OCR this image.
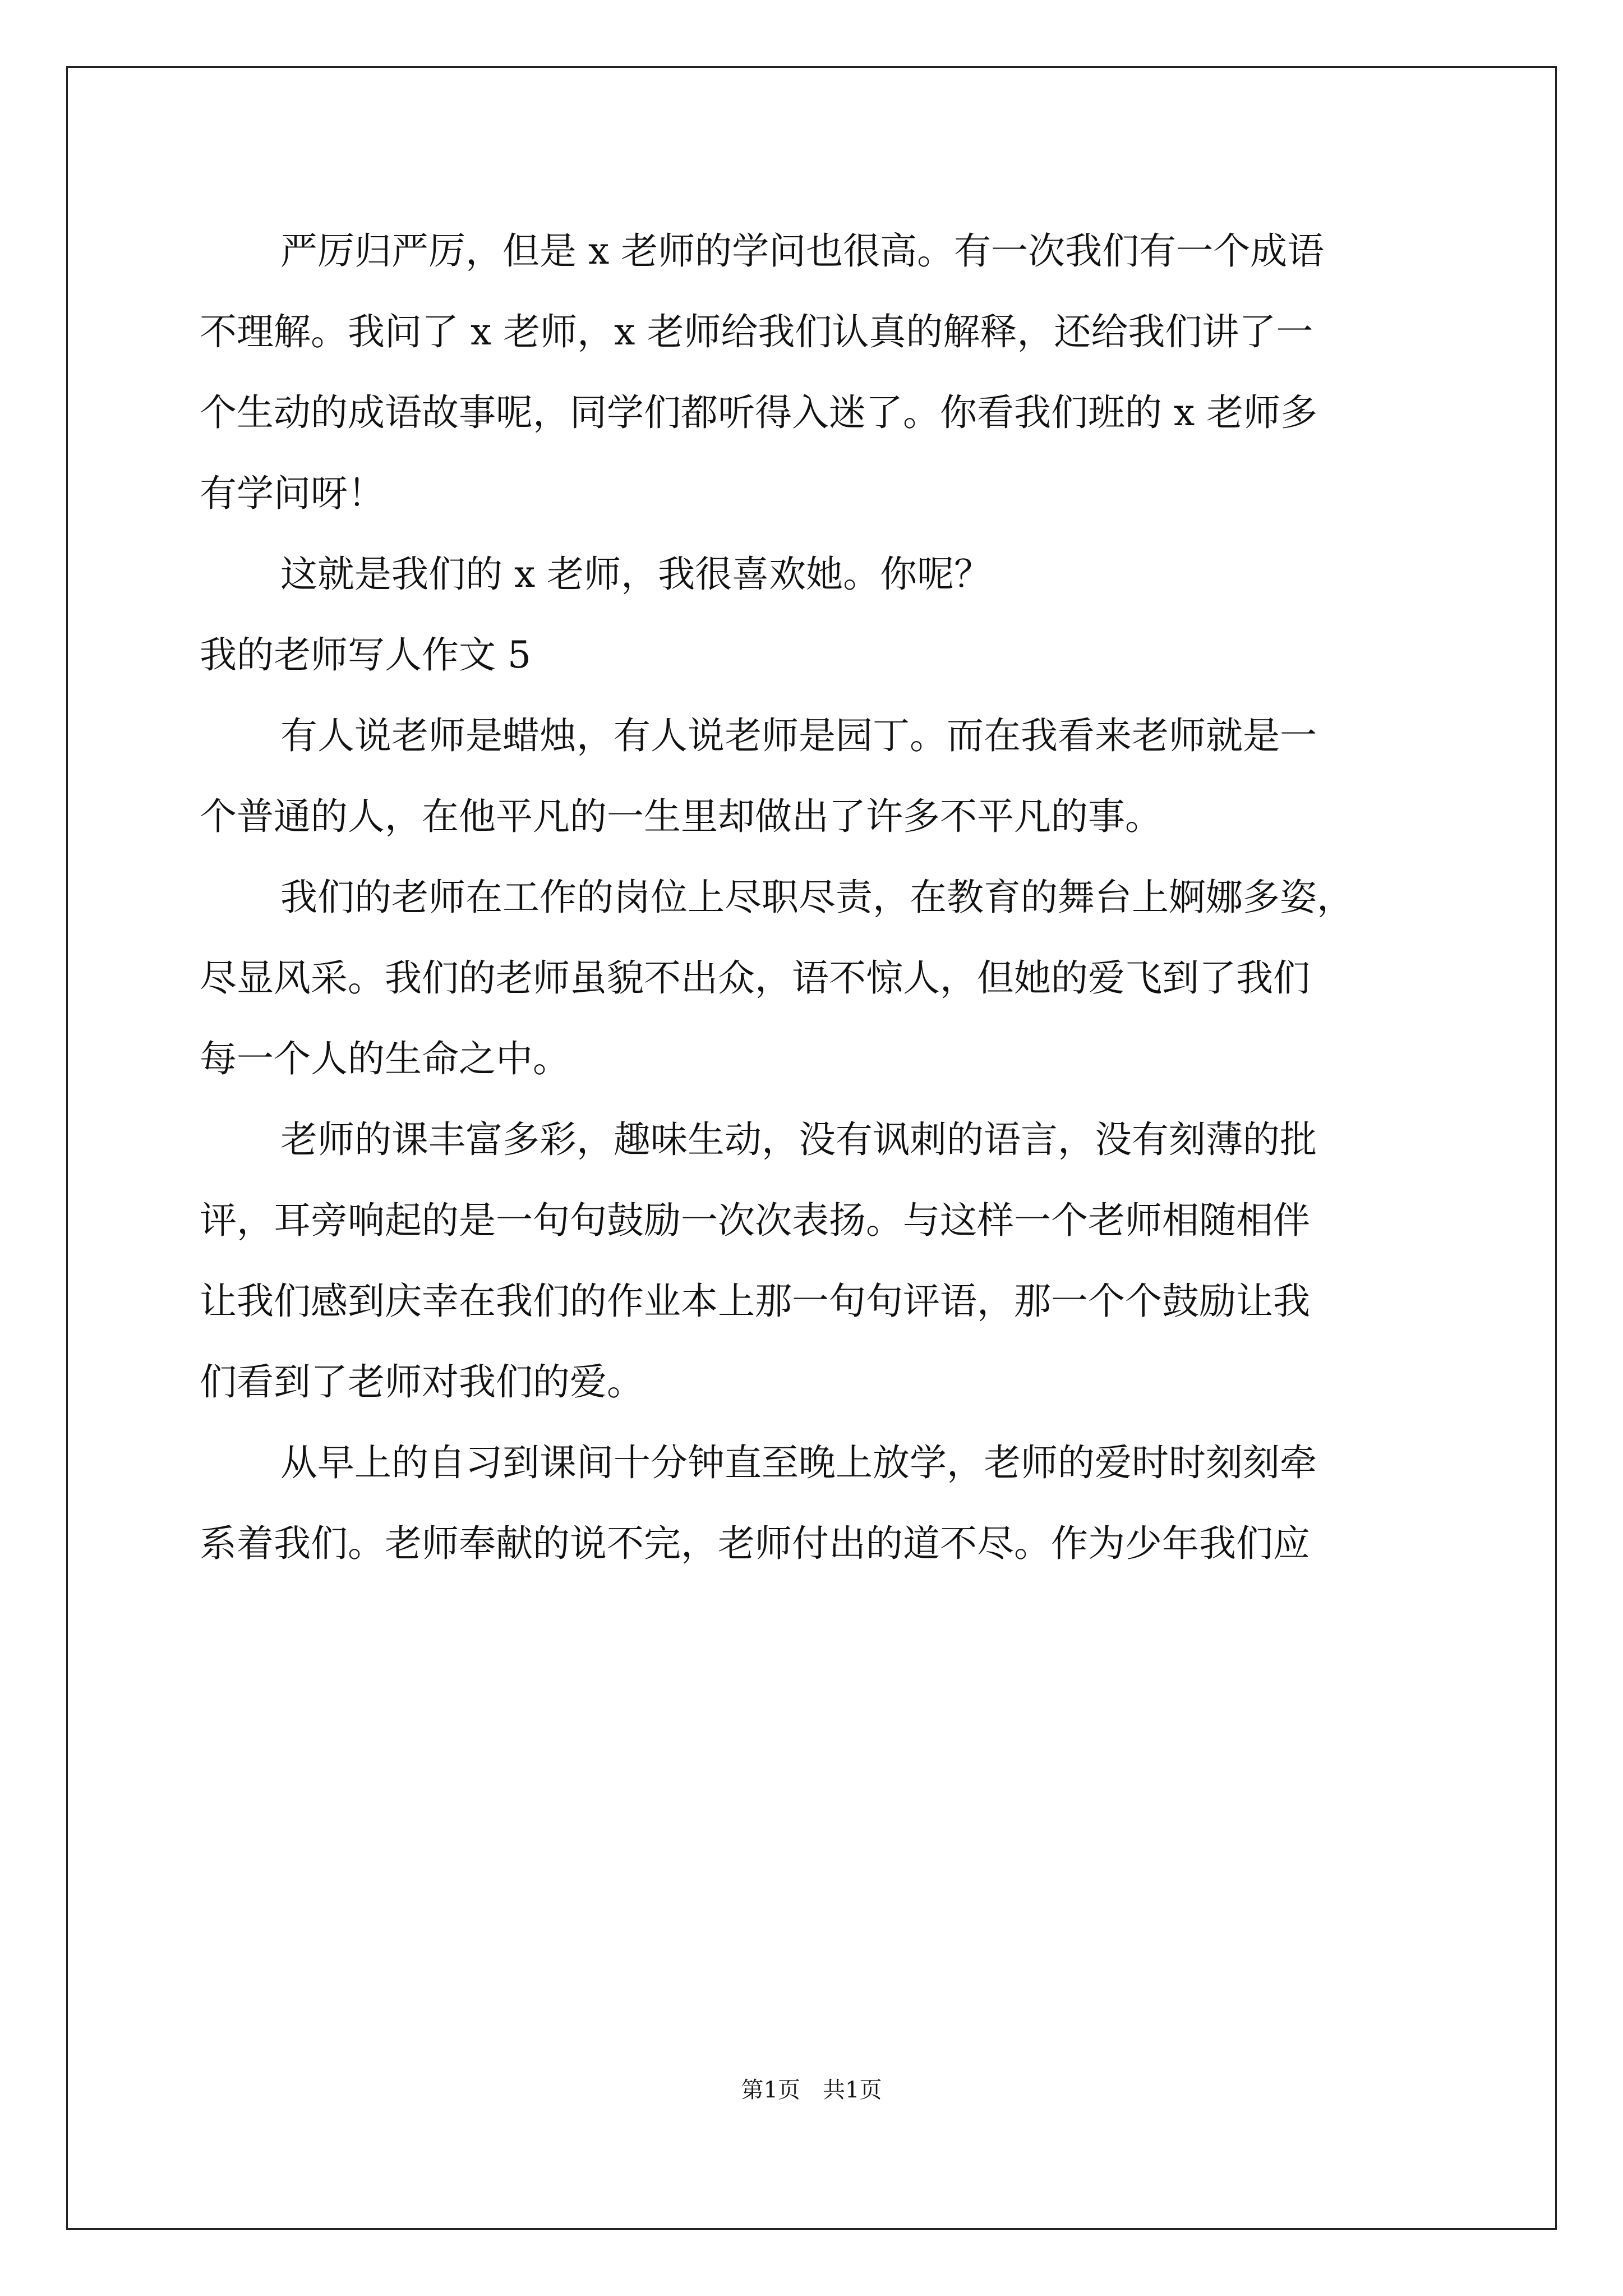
严厉归严厉，但是 x 老师的学问也很高。有一次我们有一个成语
不理解。我问了 x 老师，x 老师给我们认真的解释，还给我们讲了一
个生动的成语故事呢，同学们都听得入迷了。你看我们班的 x 老师多
有学问呀！
这就是我们的 x 老师，我很喜欢她。你呢？
我的老师写人作文 5
有人说老师是蜡烛，有人说老师是园丁。而在我看来老师就是一
个普通的人，在他平凡的一生里却做出了许多不平凡的事。
我们的老师在工作的岗位上尽职尽责，在教育的舞台上婀娜多姿，
尽显风采。我们的老师虽貌不出众，语不惊人，但她的爱飞到了我们
每一个人的生命之中。
老师的课丰富多彩，趣味生动，没有讽刺的语言，没有刻薄的批
评，耳旁响起的是一句句鼓励一次次表扬。与这样一个老师相随相伴
让我们感到庆幸在我们的作业本上那一句句评语，那一个个鼓励让我
们看到了老师对我们的爱。
从早上的自习到课间十分钟直至晚上放学，老师的爱时时刻刻牵
系着我们。老师奉献的说不完，老师付出的道不尽。作为少年我们应
第1页 共1页
